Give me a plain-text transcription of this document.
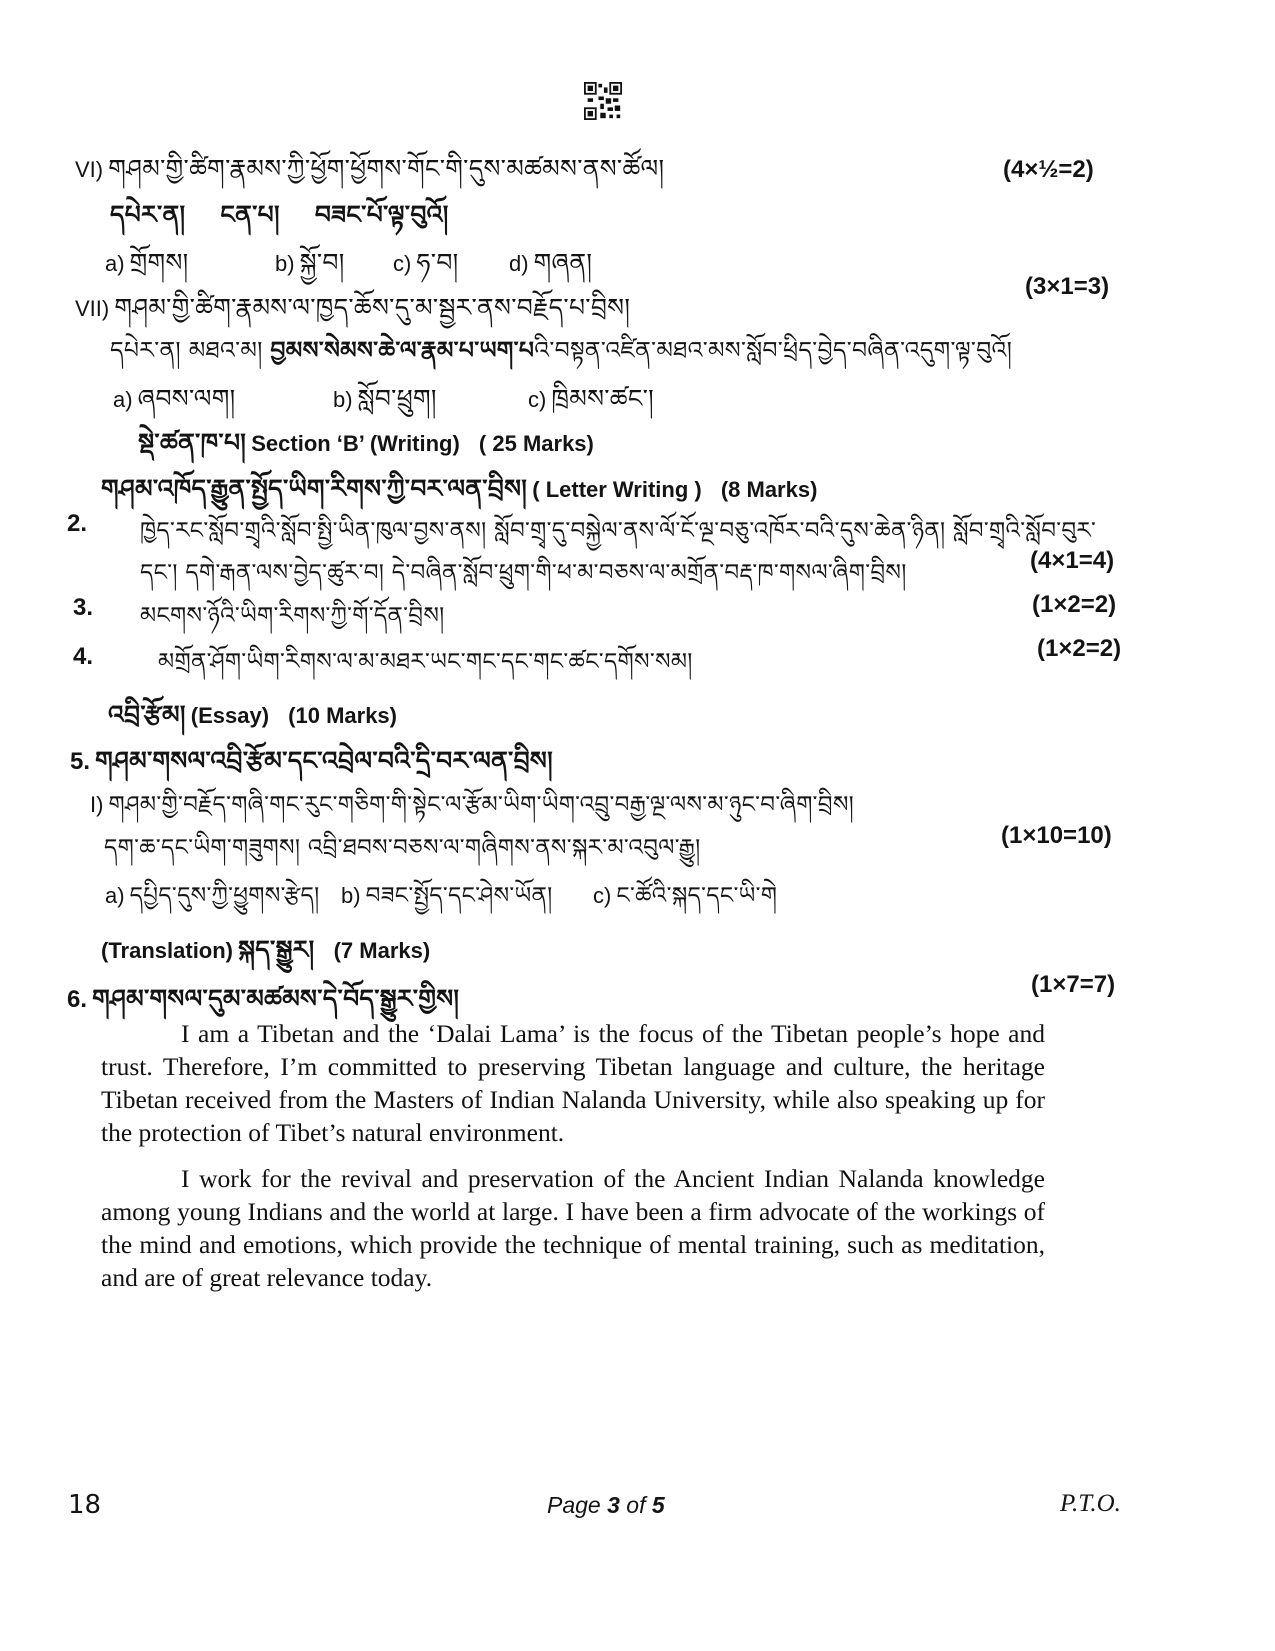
VI) གཤམ་གྱི་ཚིག་རྣམས་ཀྱི་ཕྱོག་ཕྱོགས་གོང་གི་དུས་མཚམས་ནས་ཚོལ།	(4×½=2)
དཔེར་ན། ངན་པ། བཟང་པོ་ལྟ་བུའོ།
a) གྲོགས།	b) སྐྱོ་བ། c) ཧ་བ། d) གཞན།
VII) གཤམ་གྱི་ཚིག་རྣམས་ལ་ཁྱད་ཆོས་དུ་མ་སྦྱར་ནས་བརྗོད་པ་བྲིས།
(3×1=3)
དཔེར་ན། མཐའ་མ། བྱམས་སེམས་ཆེ་ལ་རྣམ་པ་ཡག་པའི་བསྟན་འཛིན་མཐའ་མས་སློབ་ཕྲིད་བྱེད་བཞིན་འདུག་ལྟ་བུའོ།
a) ཞབས་ལག།	b) སློབ་ཕྲུག།	c) ཁྲིམས་ཚང་།
སྡེ་ཚན་ཁ་པ། Section ‘B’ (Writing) ( 25 Marks)
གཤམ་འཁོད་རྒྱུན་སྤྱོད་ཡིག་རིགས་ཀྱི་བར་ལན་བྲིས། ( Letter Writing ) (8 Marks)
2. ཁྱེད་རང་སློབ་གྲྭའི་སློབ་སྤྱི་ཡིན་ཁུལ་བྱས་ནས། སློབ་གྲྭ་དུ་བསྐྱེལ་ནས་ལོ་ངོ་ལྔ་བཅུ་འཁོར་བའི་དུས་ཆེན་ཉིན། སློབ་གྲྭའི་སློབ་བུར་
དང་། དགེ་རྒན་ལས་བྱེད་ཚུར་བ། དེ་བཞིན་སློབ་ཕྲུག་གི་ཕ་མ་བཅས་ལ་མགྲོན་བརྡ་ཁ་གསལ་ཞིག་བྲིས།	(4×1=4)
3. མངགས་ཉོའི་ཡིག་རིགས་ཀྱི་གོ་དོན་བྲིས།	(1×2=2)
4.	མགྲོན་ཤོག་ཡིག་རིགས་ལ་མ་མཐར་ཡང་གང་དང་གང་ཚང་དགོས་སམ།	(1×2=2)
འབྲི་རྩོམ། (Essay) (10 Marks)
5. གཤམ་གསལ་འབྲི་རྩོམ་དང་འབྲེལ་བའི་དྲི་བར་ལན་བྲིས།
I) གཤམ་གྱི་བརྗོད་གཞི་གང་རུང་གཅིག་གི་སྟེང་ལ་རྩོམ་ཡིག་ཡིག་འབྲུ་བརྒྱ་ལྔ་ལས་མ་ཉུང་བ་ཞིག་བྲིས།
དག་ཆ་དང་ཡིག་གཟུགས། འབྲི་ཐབས་བཅས་ལ་གཞིགས་ནས་སྐར་མ་འབུལ་རྒྱུ།	(1×10=10)
a) དཔྱིད་དུས་ཀྱི་ཕྱུགས་རྩེད། b) བཟང་སྤྱོད་དང་ཤེས་ཡོན། c) ང་ཚོའི་སྐད་དང་ཡི་གེ
(Translation) སྐད་སྒྱུར། (7 Marks)
6. གཤམ་གསལ་དུམ་མཚམས་དེ་བོད་སྒྱུར་གྱིས།	(1×7=7)

I am a Tibetan and the ‘Dalai Lama’ is the focus of the Tibetan people’s hope and trust. Therefore, I’m committed to preserving Tibetan language and culture, the heritage Tibetan received from the Masters of Indian Nalanda University, while also speaking up for the protection of Tibet’s natural environment.

I work for the revival and preservation of the Ancient Indian Nalanda knowledge among young Indians and the world at large. I have been a firm advocate of the workings of the mind and emotions, which provide the technique of mental training, such as meditation, and are of great relevance today.

18	Page 3 of 5	P.T.O.
